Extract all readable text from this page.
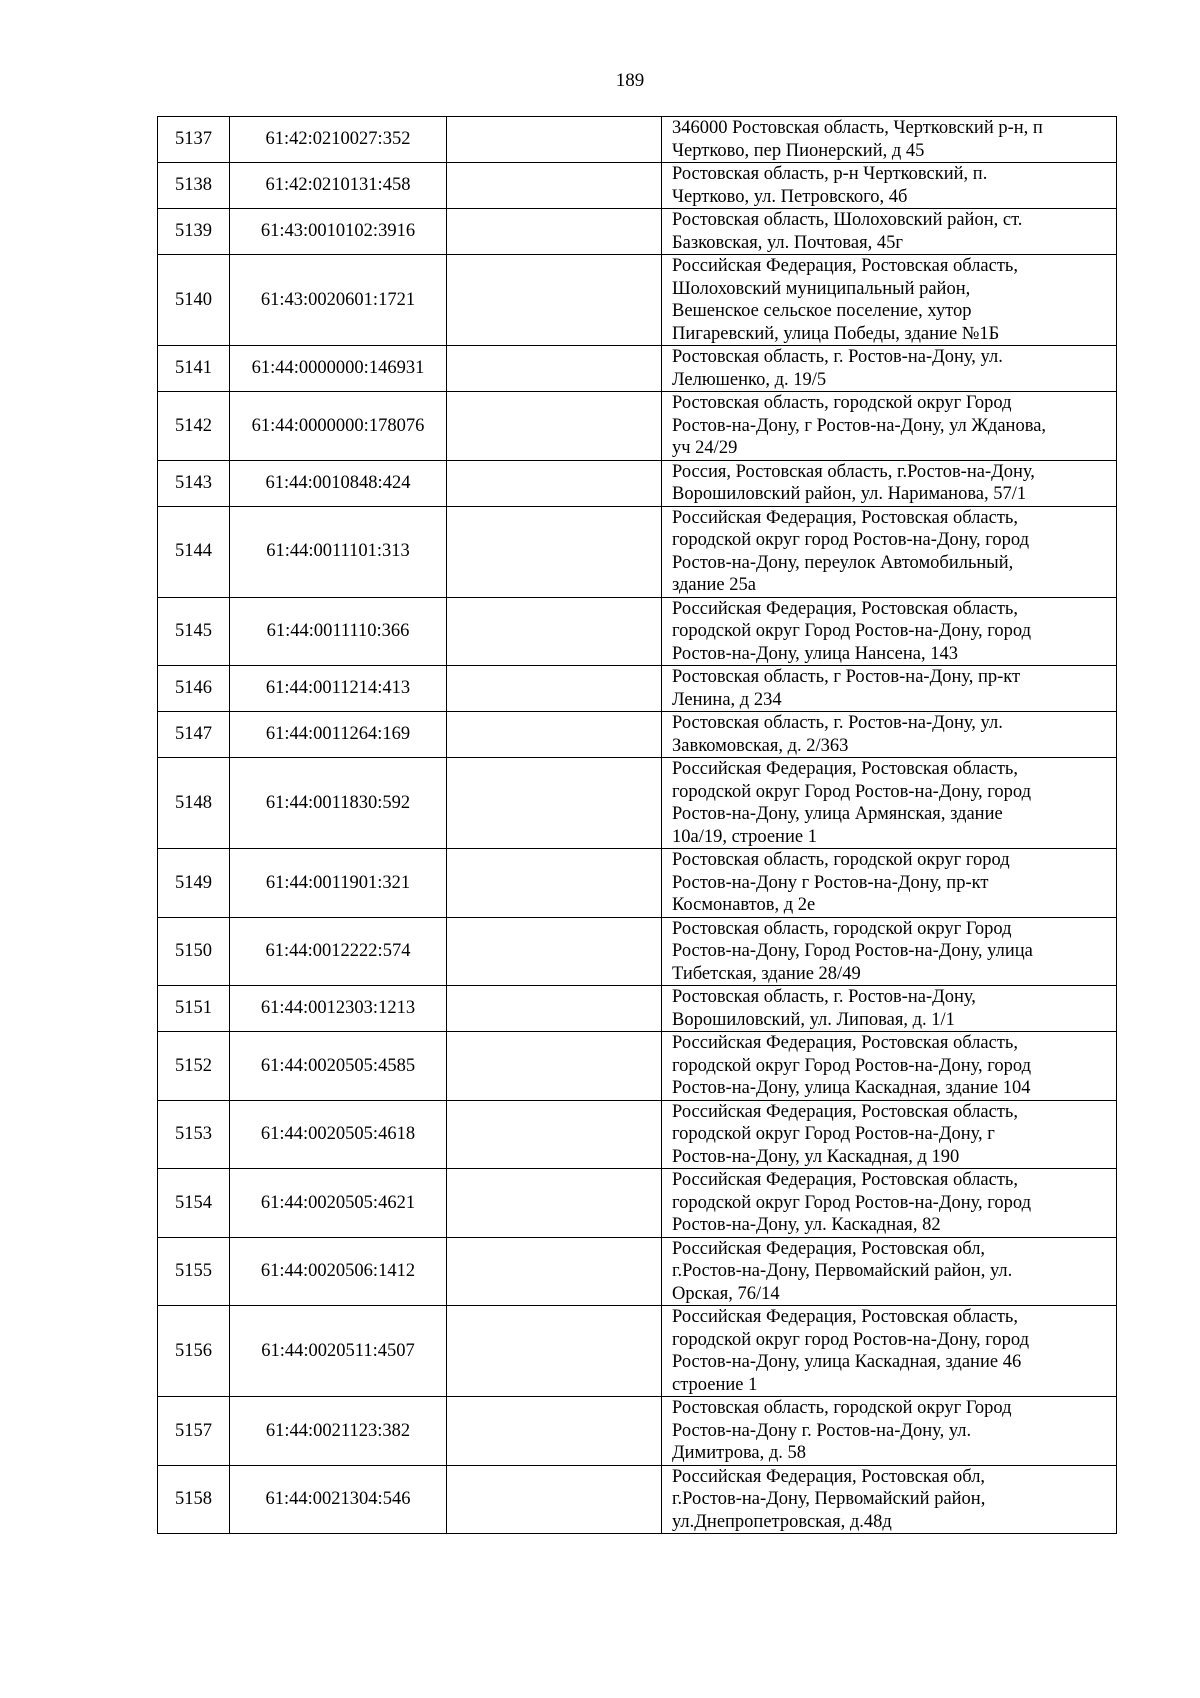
189
5137	61:42:0210027:352		346000 Ростовская область, Чертковский р-н, п
Чертково, пер Пионерский, д 45

5138	61:42:0210131:458		Ростовская область, р-н Чертковский, п.
Чертково, ул. Петровского, 4б

5139	61:43:0010102:3916		Ростовская область, Шолоховский район, ст.
Базковская, ул. Почтовая, 45г

5140	61:43:0020601:1721		Российская Федерация, Ростовская область,
Шолоховский муниципальный район,
Вешенское сельское поселение, хутор
Пигаревский, улица Победы, здание №1Б

5141	61:44:0000000:146931		Ростовская область, г. Ростов-на-Дону, ул.
Лелюшенко, д. 19/5

5142	61:44:0000000:178076		Ростовская область, городской округ Город
Ростов-на-Дону, г Ростов-на-Дону, ул Жданова,
уч 24/29

5143	61:44:0010848:424		Россия, Ростовская область, г.Ростов-на-Дону,
Ворошиловский район, ул. Нариманова, 57/1

5144	61:44:0011101:313		Российская Федерация, Ростовская область,
городской округ город Ростов-на-Дону, город
Ростов-на-Дону, переулок Автомобильный,
здание 25а

5145	61:44:0011110:366		Российская Федерация, Ростовская область,
городской округ Город Ростов-на-Дону, город
Ростов-на-Дону, улица Нансена, 143

5146	61:44:0011214:413		Ростовская область, г Ростов-на-Дону, пр-кт
Ленина, д 234

5147	61:44:0011264:169		Ростовская область, г. Ростов-на-Дону, ул.
Завкомовская, д. 2/363

5148	61:44:0011830:592		Российская Федерация, Ростовская область,
городской округ Город Ростов-на-Дону, город
Ростов-на-Дону, улица Армянская, здание
10а/19, строение 1

5149	61:44:0011901:321		Ростовская область, городской округ город
Ростов-на-Дону г Ростов-на-Дону, пр-кт
Космонавтов, д 2е

5150	61:44:0012222:574		Ростовская область, городской округ Город
Ростов-на-Дону, Город Ростов-на-Дону, улица
Тибетская, здание 28/49

5151	61:44:0012303:1213		Ростовская область, г. Ростов-на-Дону,
Ворошиловский, ул. Липовая, д. 1/1

5152	61:44:0020505:4585		Российская Федерация, Ростовская область,
городской округ Город Ростов-на-Дону, город
Ростов-на-Дону, улица Каскадная, здание 104

5153	61:44:0020505:4618		Российская Федерация, Ростовская область,
городской округ Город Ростов-на-Дону, г
Ростов-на-Дону, ул Каскадная, д 190

5154	61:44:0020505:4621		Российская Федерация, Ростовская область,
городской округ Город Ростов-на-Дону, город
Ростов-на-Дону, ул. Каскадная, 82

5155	61:44:0020506:1412		Российская Федерация, Ростовская обл,
г.Ростов-на-Дону, Первомайский район, ул.
Орская, 76/14

5156	61:44:0020511:4507		Российская Федерация, Ростовская область,
городской округ город Ростов-на-Дону, город
Ростов-на-Дону, улица Каскадная, здание 46
строение 1

5157	61:44:0021123:382		Ростовская область, городской округ Город
Ростов-на-Дону г. Ростов-на-Дону, ул.
Димитрова, д. 58

5158	61:44:0021304:546		Российская Федерация, Ростовская обл,
г.Ростов-на-Дону, Первомайский район,
ул.Днепропетровская, д.48д
